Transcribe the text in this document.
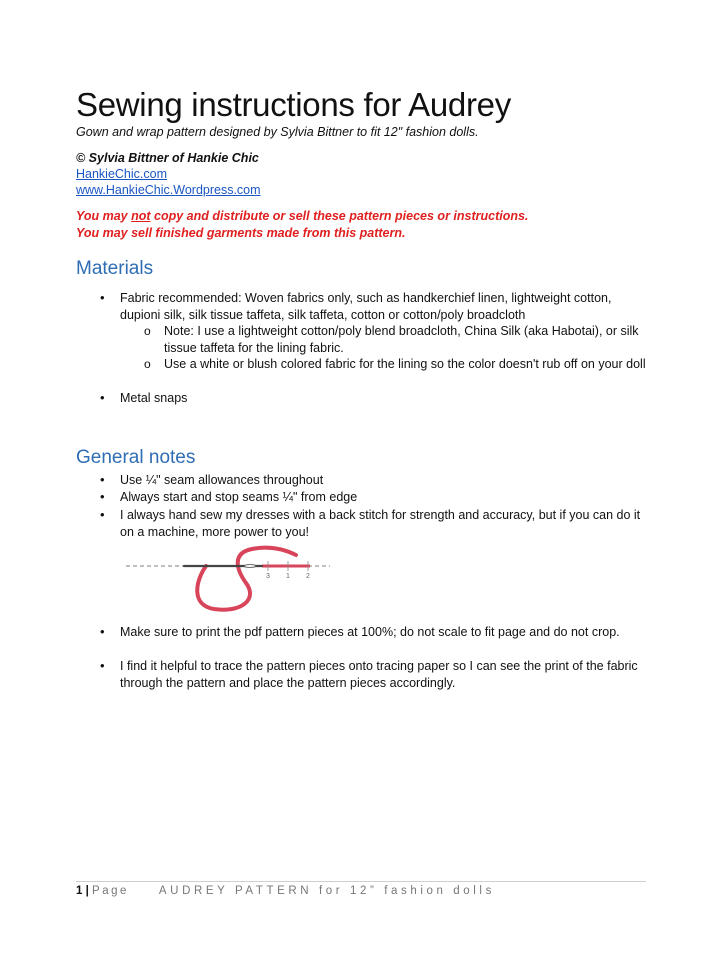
Sewing instructions for Audrey

Gown and wrap pattern designed by Sylvia Bittner to fit 12" fashion dolls.

© Sylvia Bittner of Hankie Chic
HankieChic.com
www.HankieChic.Wordpress.com
You may not copy and distribute or sell these pattern pieces or instructions.
You may sell finished garments made from this pattern.
Materials
• Fabric recommended: Woven fabrics only, such as handkerchief linen, lightweight cotton, dupioni silk, silk tissue taffeta, silk taffeta, cotton or cotton/poly broadcloth
o Note: I use a lightweight cotton/poly blend broadcloth, China Silk (aka Habotai), or silk tissue taffeta for the lining fabric.
o Use a white or blush colored fabric for the lining so the color doesn't rub off on your doll
• Metal snaps
General notes
• Use ¼" seam allowances throughout
• Always start and stop seams ¼" from edge
• I always hand sew my dresses with a back stitch for strength and accuracy, but if you can do it on a machine, more power to you!
3 1 2
• Make sure to print the pdf pattern pieces at 100%; do not scale to fit page and do not crop.
• I find it helpful to trace the pattern pieces onto tracing paper so I can see the print of the fabric through the pattern and place the pattern pieces accordingly.
1 | Page	AUDREY PATTERN for 12” fashion dolls
